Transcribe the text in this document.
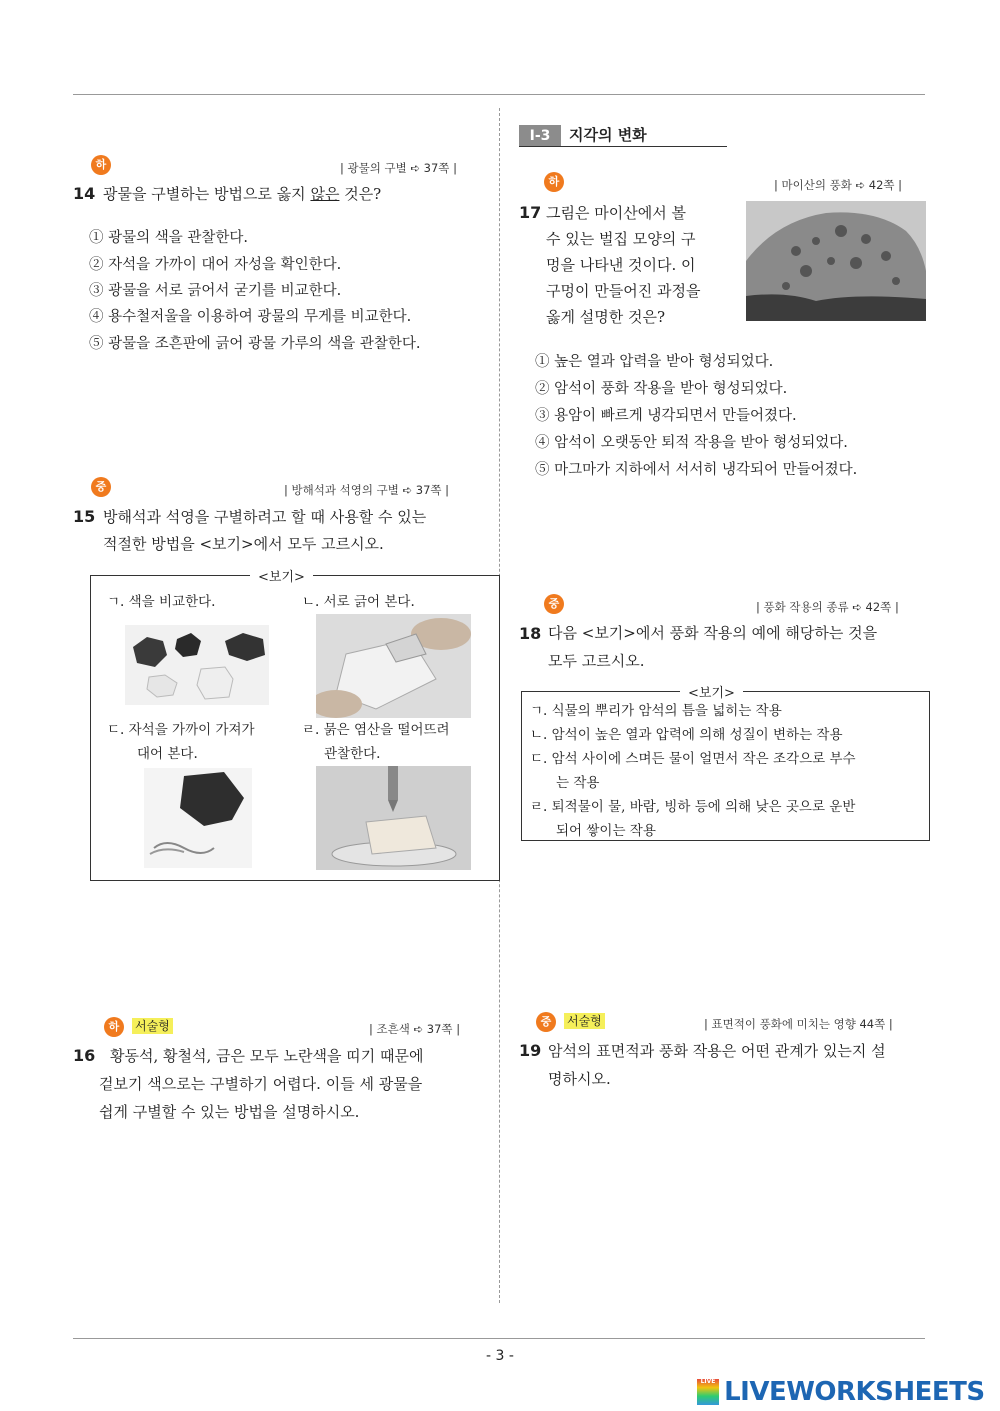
하	| 광물의 구별 ➪ 37쪽 |
14 광물을 구별하는 방법으로 옳지 않은 것은?
① 광물의 색을 관찰한다.
② 자석을 가까이 대어 자성을 확인한다.
③ 광물을 서로 긁어서 굳기를 비교한다.
④ 용수철저울을 이용하여 광물의 무게를 비교한다.
⑤ 광물을 조흔판에 긁어 광물 가루의 색을 관찰한다.
중	| 방해석과 석영의 구별 ➪ 37쪽 |
15 방해석과 석영을 구별하려고 할 때 사용할 수 있는
적절한 방법을 <보기>에서 모두 고르시오.
<보기>
ㄱ. 색을 비교한다.	ㄴ. 서로 긁어 본다.
ㄷ. 자석을 가까이 가져가
대어 본다.
ㄹ. 묽은 염산을 떨어뜨려
관찰한다.
하	서술형	| 조흔색 ➪ 37쪽 |
16 황동석, 황철석, 금은 모두 노란색을 띠기 때문에
겉보기 색으로는 구별하기 어렵다. 이들 세 광물을
쉽게 구별할 수 있는 방법을 설명하시오.
Ⅰ-3	지각의 변화
하	| 마이산의 풍화 ➪ 42쪽 |
17 그림은 마이산에서 볼
수 있는 벌집 모양의 구
멍을 나타낸 것이다. 이
구멍이 만들어진 과정을
옳게 설명한 것은?
① 높은 열과 압력을 받아 형성되었다.
② 암석이 풍화 작용을 받아 형성되었다.
③ 용암이 빠르게 냉각되면서 만들어졌다.
④ 암석이 오랫동안 퇴적 작용을 받아 형성되었다.
⑤ 마그마가 지하에서 서서히 냉각되어 만들어졌다.
중	| 풍화 작용의 종류 ➪ 42쪽 |
18 다음 <보기>에서 풍화 작용의 예에 해당하는 것을
모두 고르시오.
<보기>
ㄱ. 식물의 뿌리가 암석의 틈을 넓히는 작용
ㄴ. 암석이 높은 열과 압력에 의해 성질이 변하는 작용
ㄷ. 암석 사이에 스며든 물이 얼면서 작은 조각으로 부수
는 작용
ㄹ. 퇴적물이 물, 바람, 빙하 등에 의해 낮은 곳으로 운반
되어 쌓이는 작용
중	서술형	| 표면적이 풍화에 미치는 영향 44쪽 |
19 암석의 표면적과 풍화 작용은 어떤 관계가 있는지 설
명하시오.
- 3 -
LIVE LIVEWORKSHEETS
